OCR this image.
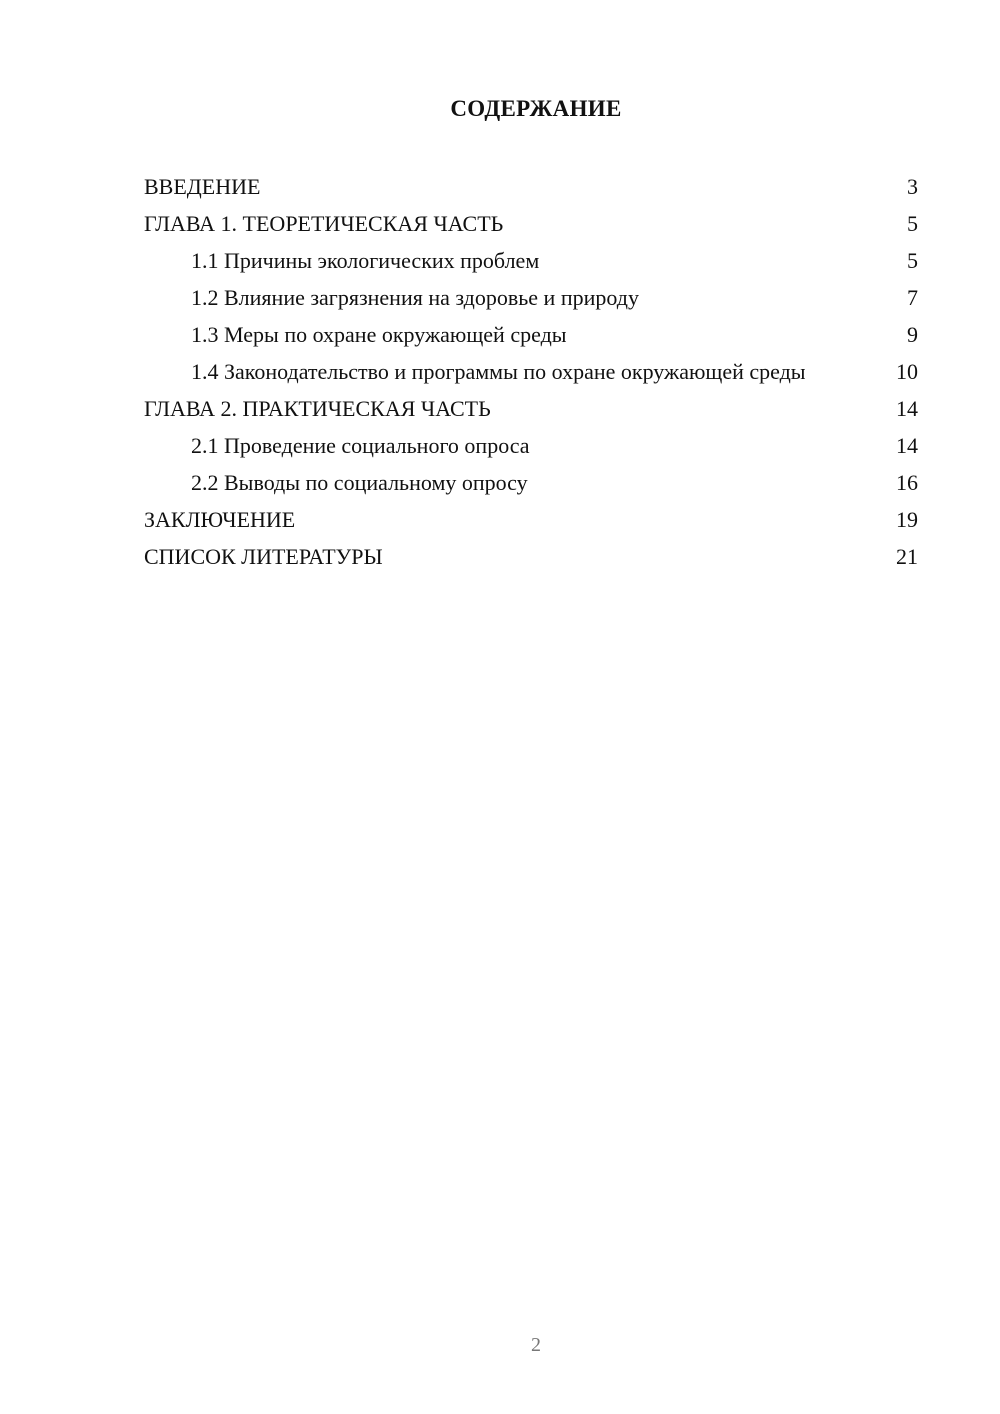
СОДЕРЖАНИЕ
ВВЕДЕНИЕ	3
ГЛАВА 1. ТЕОРЕТИЧЕСКАЯ ЧАСТЬ	5
1.1 Причины экологических проблем	5
1.2 Влияние загрязнения на здоровье и природу	7
1.3 Меры по охране окружающей среды	9
1.4 Законодательство и программы по охране окружающей среды	10
ГЛАВА 2. ПРАКТИЧЕСКАЯ ЧАСТЬ	14
2.1 Проведение социального опроса	14
2.2 Выводы по социальному опросу	16
ЗАКЛЮЧЕНИЕ	19
СПИСОК ЛИТЕРАТУРЫ	21
2
